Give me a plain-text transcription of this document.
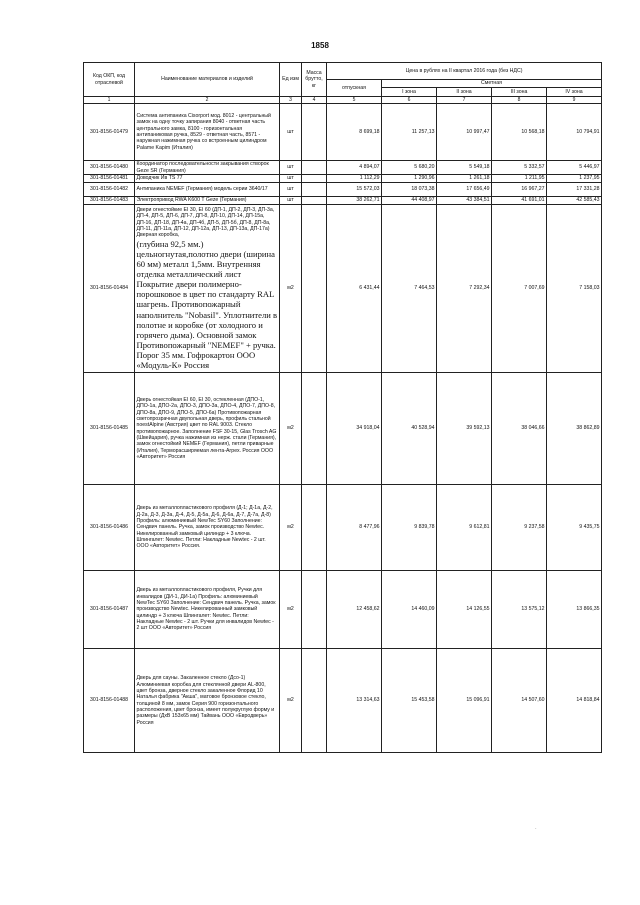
1858
Код ОКП, код отраслевой	Наименование материалов и изделий	Ед изм	Масса брутто, кг	Цена в рублях на II квартал 2016 года (без НДС)				
				отпускная	Сметная			
					I зона	II зона	III зона	IV зона
1	2	3	4	5	6	7	8	9
301-8156-01479	Система антипаника Cisorport мод. 8012 - центральный замок на одну точку запирания 8040 - ответная часть центрального замка, 8100 - горизонтальная антипаниковая ручка, 8529 - ответная часть, 8571 - наружная нажимная ручка со встроенным цилиндром Palame Kapim (Италия)	шт		8 699,18	11 257,13	10 997,47	10 568,18	10 794,91
301-8156-01480	Координатор последовательности закрывания створок Geze SR (Германия)	шт		4 894,07	5 680,20	5 549,18	5 332,57	5 446,97
301-8156-01481	Доводчик Ив TS 77	шт		1 112,29	1 290,96	1 261,18	1 211,95	1 237,95
301-8156-01482	Антипаника NEMEF (Германия) модель серии 3640/17	шт		15 572,03	18 073,38	17 656,49	16 967,27	17 331,28
301-8156-01483	Электропривод RWA K600 T Geze (Германия)	шт		38 262,71	44 408,97	43 384,51	41 691,01	42 585,43
301-8156-01484	Двери огнестойкие EI 30, EI 60 (ДП-1, ДП-2, ДП-3, ДП-3а, ДП-4, ДП-5, ДП-6, ДП-7, ДП-8, ДП-10, ДП-14, ДП-15а, ДП-16, ДП-18, ДП-4а, ДП-4б, ДП-5, ДП-5б, ДП-8, ДП-8а, ДП-11, ДП-11а, ДП-12, ДП-12а, ДП-13, ДП-13а, ДП-17а) Дверная коробка,
(глубина 92,5 мм.) цельногнутая,полотно двери (ширина 60 мм) металл 1,5мм. Внутренняя отделка металлический лист Покрытие двери полимерно-порошковое в цвет по стандарту RAL шагрень. Противопожарный наполнитель "Nobasil". Уплотнители в полотне и коробке (от холодного и горячего дыма). Основной замок Противопожарный "NEMEF" + ручка. Порог 35 мм. Гофрокартон ООО «Модуль-К» Россия	м2		6 431,44	7 464,53	7 292,34	7 007,69	7 158,03
301-8156-01485	Дверь огнестойкая EI 60, EI 30, остекленная (ДПО-1, ДПО-1а, ДПО-2а, ДПО-3, ДПО-3а, ДПО-4, ДПО-7, ДПО-8, ДПО-8а, ДПО-9, ДПО-5, ДПО-6а) Противопожарная светопрозрачная двупольная дверь, профиль стальной noestAlpine (Австрия) цвет по RAL 9003. Стекло противопожарное. Заполнение FSF 30-15, Glas Trosch AG (Швейцария), ручка нажимная из нерж. стали (Германия), замок огнестойкий NEMEF (Германия), петли приварные (Италия), Терморасширяемая лента-Агрех. Россия ООО «Авторитет» Россия	м2		34 918,04	40 528,94	39 592,13	38 046,66	38 862,89
301-8156-01486	Дверь из металлопластикового профиля (Д-1; Д-1а, Д-2, Д-2а, Д-3, Д-3а, Д-4, Д-5, Д-5а, Д-6, Д-6а, Д-7, Д-7а, Д-8) Профиль: алюминиевый NewTec SY60 Заполнение: Сендвич панель. Ручка, замок производство Newtec. Никелированный замковый цилиндр + 3 ключа. Шпингалет: Newtec. Петли: Накладные Newtec - 2 шт. ООО «Авторитет» Россия.	м2		8 477,96	9 839,78	9 612,81	9 237,58	9 435,75
301-8156-01487	Дверь из металлопластикового профиля, Ручки для инвалидов (ДИ-1, ДИ-1а) Профиль: алюминиевый NewTec SY60 Заполнение: Сендвич панель. Ручка, замок производство Newtec. Никелированный замковый цилиндр + 3 ключа Шпингалет: Newtec. Петли: Накладные Newtec - 2 шт. Ручки для инвалидов Newtec - 2 шт ООО «Авторитет» Россия	м2		12 458,62	14 460,09	14 126,55	13 575,12	13 866,35
301-8156-01488	Дверь для сауны. Закаленное стекло (Дсо-1) Алюминиевая коробка для стеклянной двери AL-800, цвет бронза, дверное стекло закаленное Флорид 10 Наталья фабрика "Акша", матовое бронзовое стекло, толщиной 8 мм, замок Серия 900 горизонтального расположения, цвет бронза, имеет полукруглую форму и размеры (ДхВ 153х65 мм) Тайвань ООО «Евродверь» Россия	м2		13 314,63	15 453,58	15 096,91	14 507,60	14 818,84
·
